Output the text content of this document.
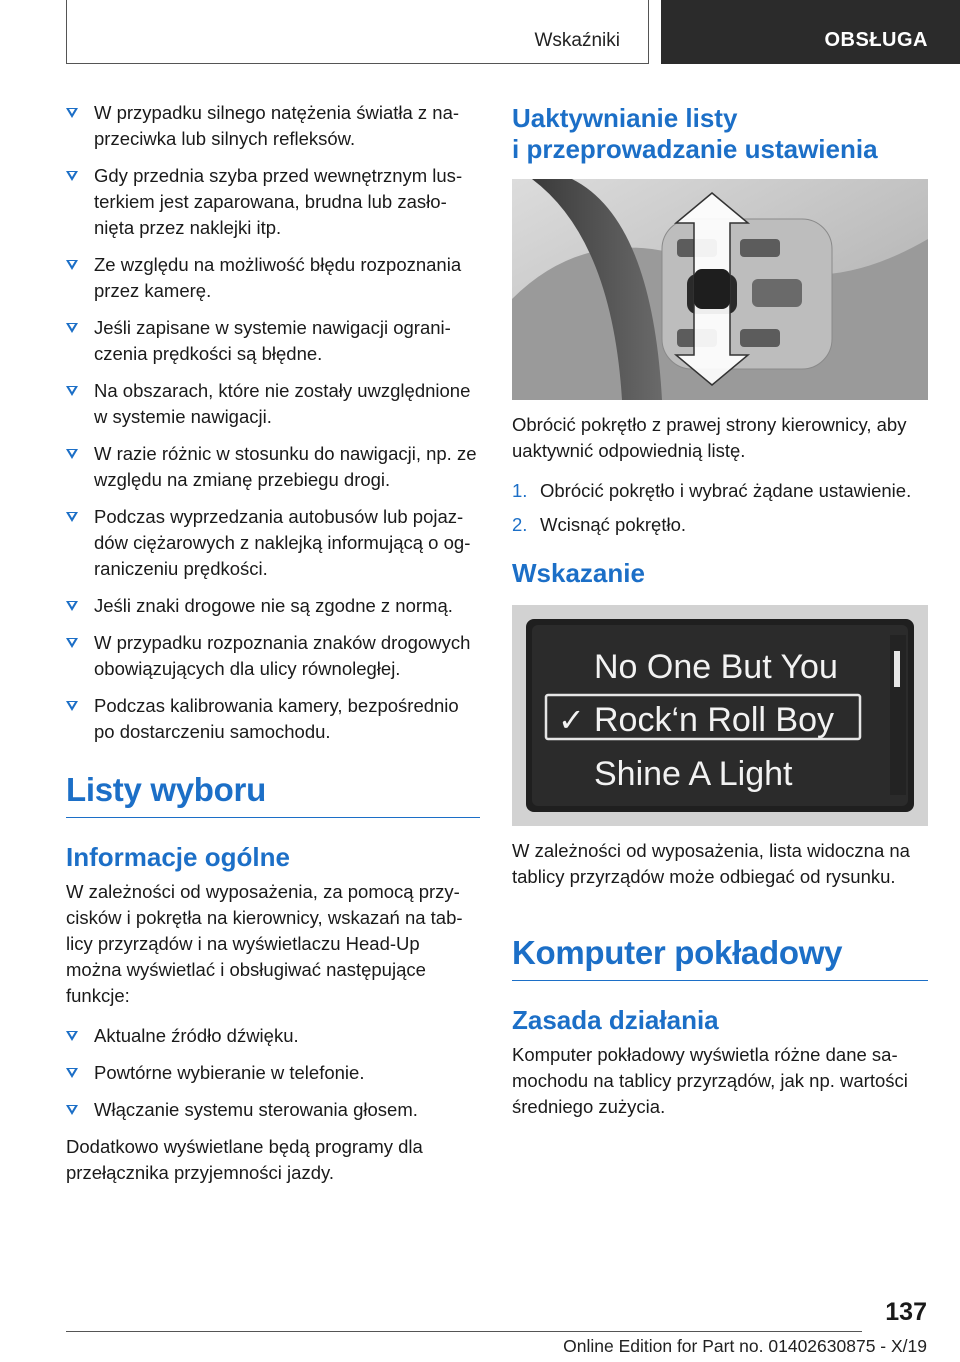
Wskaźniki	OBSŁUGA
W przypadku silnego natężenia światła z naprzeciwka lub silnych refleksów.
Gdy przednia szyba przed wewnętrznym lusterkiem jest zaparowana, brudna lub zasłonięta przez naklejki itp.
Ze względu na możliwość błędu rozpoznania przez kamerę.
Jeśli zapisane w systemie nawigacji ograniczenia prędkości są błędne.
Na obszarach, które nie zostały uwzględnione w systemie nawigacji.
W razie różnic w stosunku do nawigacji, np. ze względu na zmianę przebiegu drogi.
Podczas wyprzedzania autobusów lub pojazdów ciężarowych z naklejką informującą o ograniczeniu prędkości.
Jeśli znaki drogowe nie są zgodne z normą.
W przypadku rozpoznania znaków drogowych obowiązujących dla ulicy równoległej.
Podczas kalibrowania kamery, bezpośrednio po dostarczeniu samochodu.
Listy wyboru
Informacje ogólne

W zależności od wyposażenia, za pomocą przycisków i pokrętła na kierownicy, wskazań na tablicy przyrządów i na wyświetlaczu Head-Up można wyświetlać i obsługiwać następujące funkcje:

Aktualne źródło dźwięku.
Powtórne wybieranie w telefonie.
Włączanie systemu sterowania głosem.

Dodatkowo wyświetlane będą programy dla przełącznika przyjemności jazdy.

Uaktywnianie listy
i przeprowadzanie ustawienia

Obrócić pokrętło z prawej strony kierownicy, aby uaktywnić odpowiednią listę.

1. Obrócić pokrętło i wybrać żądane ustawienie.
2. Wcisnąć pokrętło.
Wskazanie
No One But You
✓ Rock‘n Roll Boy
Shine A Light

W zależności od wyposażenia, lista widoczna na tablicy przyrządów może odbiegać od rysunku.

Komputer pokładowy
Zasada działania

Komputer pokładowy wyświetla różne dane samochodu na tablicy przyrządów, jak np. wartości średniego zużycia.

137
Online Edition for Part no. 01402630875 - X/19
